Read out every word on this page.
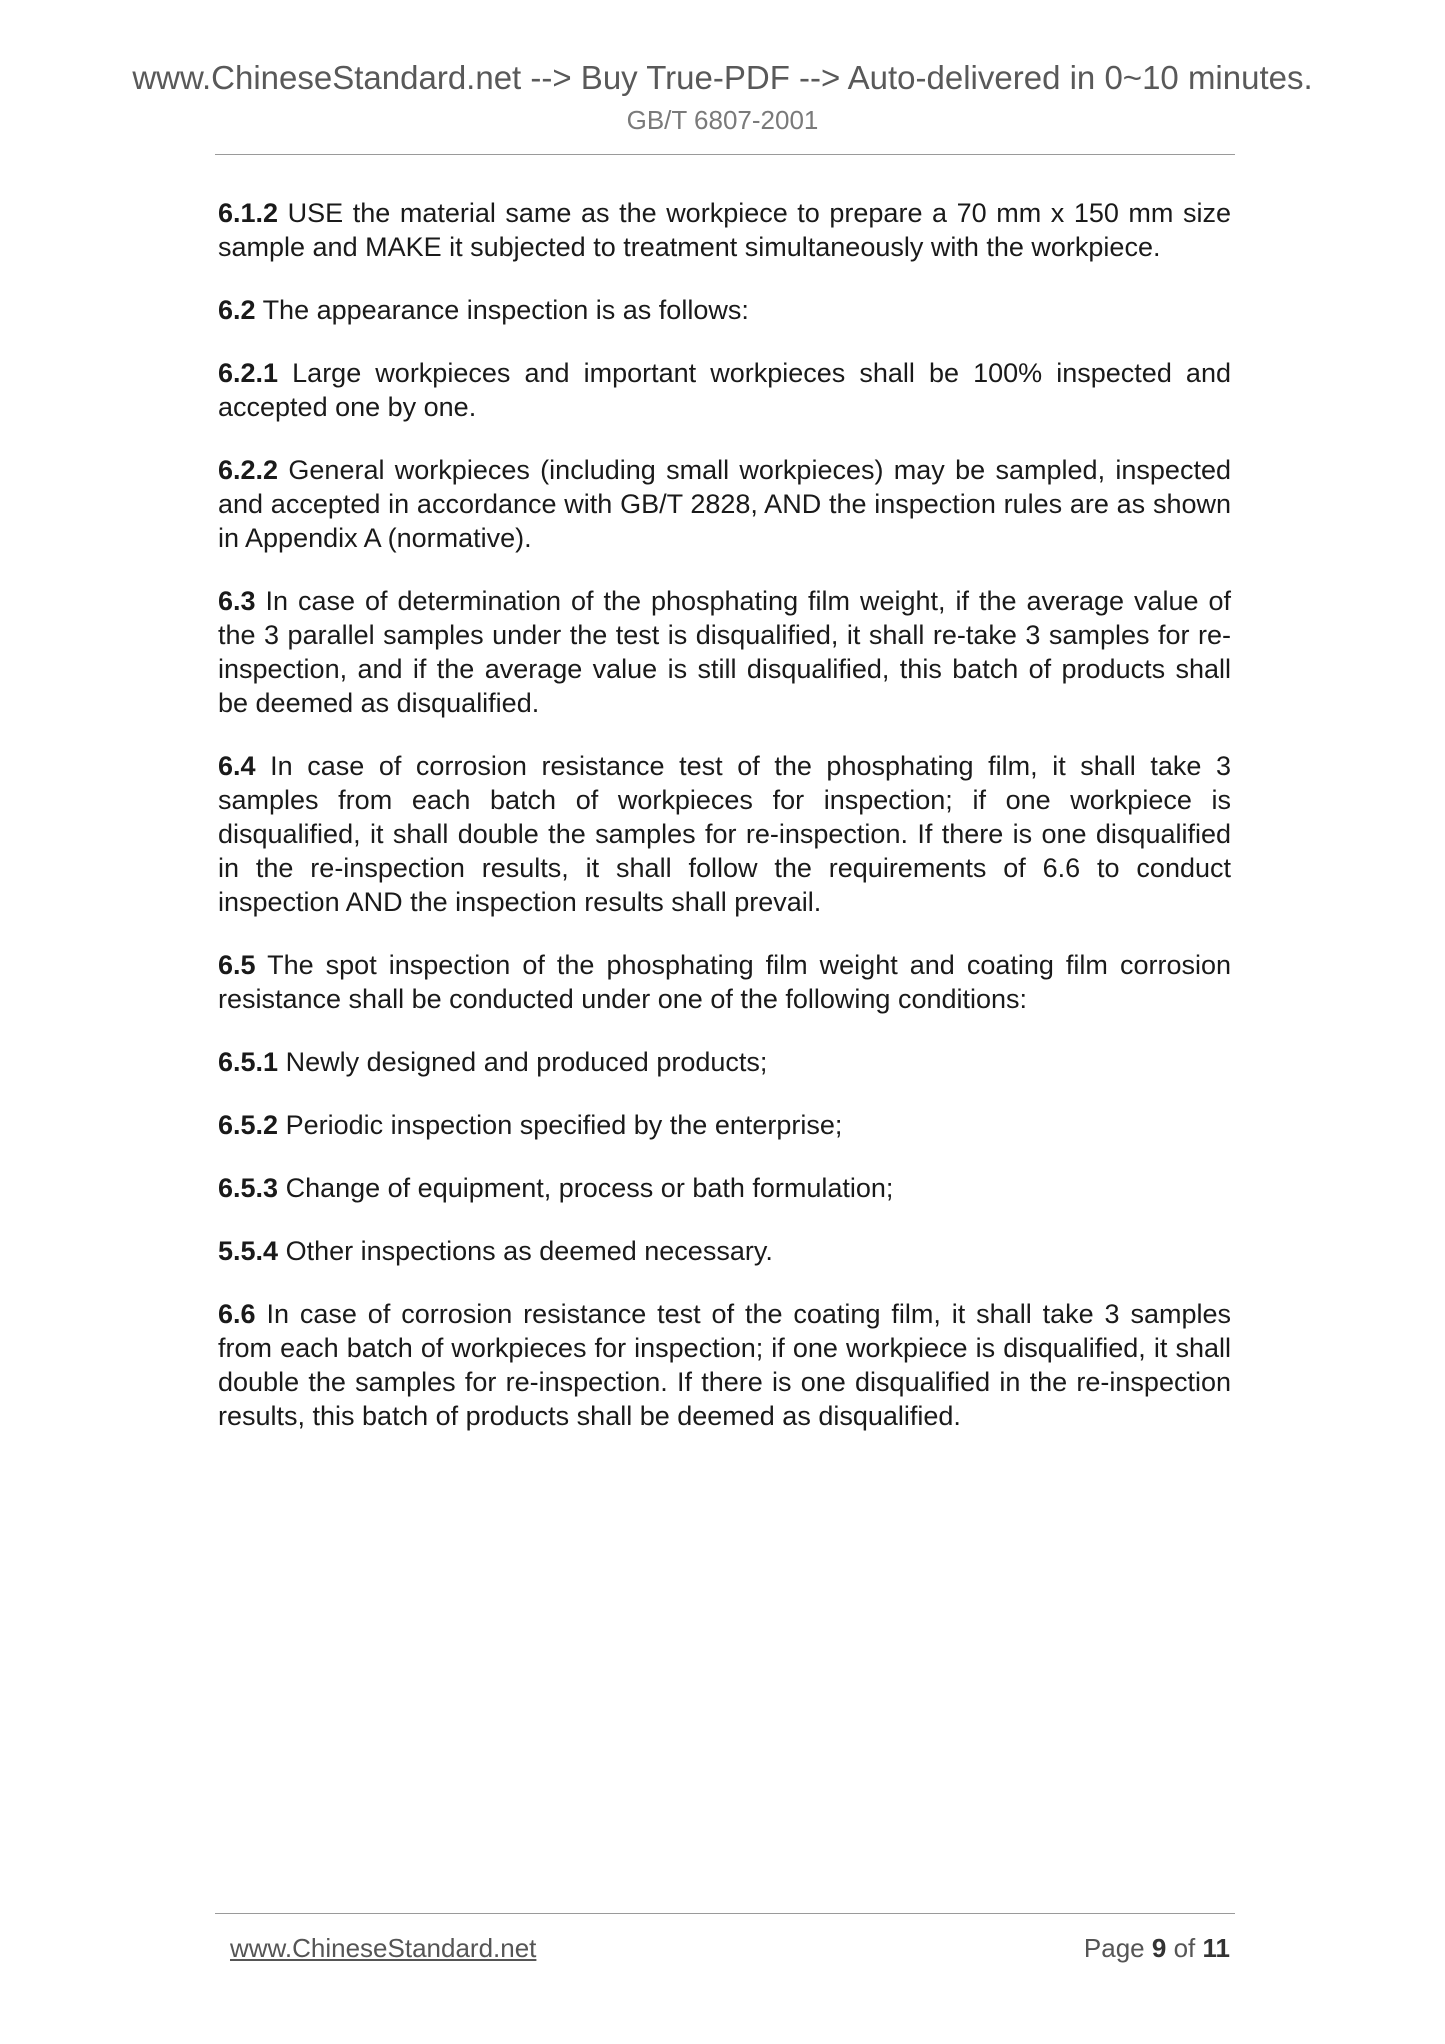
www.ChineseStandard.net --> Buy True-PDF --> Auto-delivered in 0~10 minutes.
GB/T 6807-2001

6.1.2 USE the material same as the workpiece to prepare a 70 mm x 150 mm size sample and MAKE it subjected to treatment simultaneously with the workpiece.

6.2 The appearance inspection is as follows:

6.2.1 Large workpieces and important workpieces shall be 100% inspected and accepted one by one.

6.2.2 General workpieces (including small workpieces) may be sampled, inspected and accepted in accordance with GB/T 2828, AND the inspection rules are as shown in Appendix A (normative).

6.3 In case of determination of the phosphating film weight, if the average value of the 3 parallel samples under the test is disqualified, it shall re-take 3 samples for re-inspection, and if the average value is still disqualified, this batch of products shall be deemed as disqualified.

6.4 In case of corrosion resistance test of the phosphating film, it shall take 3 samples from each batch of workpieces for inspection; if one workpiece is disqualified, it shall double the samples for re-inspection. If there is one disqualified in the re-inspection results, it shall follow the requirements of 6.6 to conduct inspection AND the inspection results shall prevail.

6.5 The spot inspection of the phosphating film weight and coating film corrosion resistance shall be conducted under one of the following conditions:

6.5.1 Newly designed and produced products;

6.5.2 Periodic inspection specified by the enterprise;

6.5.3 Change of equipment, process or bath formulation;

5.5.4 Other inspections as deemed necessary.

6.6 In case of corrosion resistance test of the coating film, it shall take 3 samples from each batch of workpieces for inspection; if one workpiece is disqualified, it shall double the samples for re-inspection. If there is one disqualified in the re-inspection results, this batch of products shall be deemed as disqualified.

www.ChineseStandard.net	Page 9 of 11
